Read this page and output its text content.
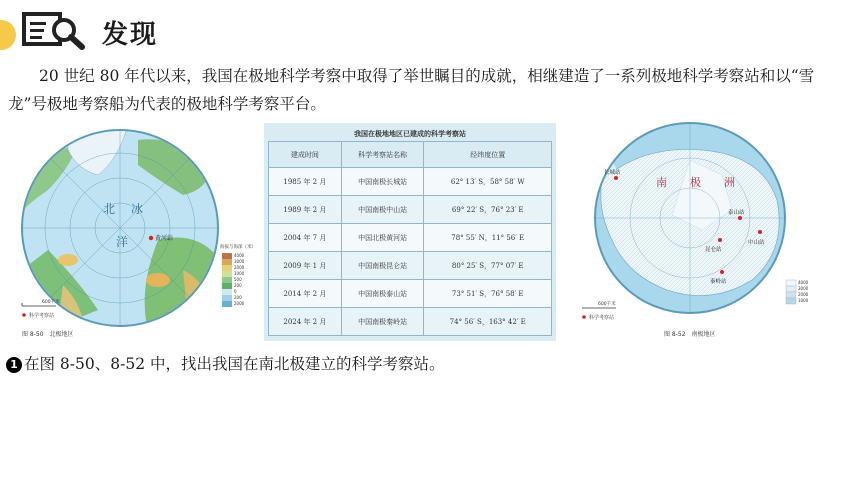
发现

20 世纪 80 年代以来，我国在极地科学考察中取得了举世瞩目的成就，相继建造了一系列极地科学考察站和以“雪龙”号极地考察船为代表的极地科学考察平台。

北 冰
洋	黄河站
海拔与海深（米）
4000
3000
2000
1000
500
200
0
200
2000
600千米
科学考察站
图 8-50　北极地区
我国在极地地区已建成的科学考察站
建成时间	科学考察站名称	经纬度位置
1985 年 2 月	中国南极长城站	62° 13′ S，58° 58′ W
1989 年 2 月	中国南极中山站	69° 22′ S，76° 23′ E
2004 年 7 月	中国北极黄河站	78° 55′ N，11° 56′ E
2009 年 1 月	中国南极昆仑站	80° 25′ S，77° 07′ E
2014 年 2 月	中国南极泰山站	73° 51′ S，76° 58′ E
2024 年 2 月	中国南极秦岭站	74° 56′ S，163° 42′ E
南 极 洲
长城站
中山站
昆仑站
泰山站
秦岭站	4000
3000
2000
1000
600千米
科学考察站
图 8-52　南极地区

1 在图 8-50、8-52 中，找出我国在南北极建立的科学考察站。
